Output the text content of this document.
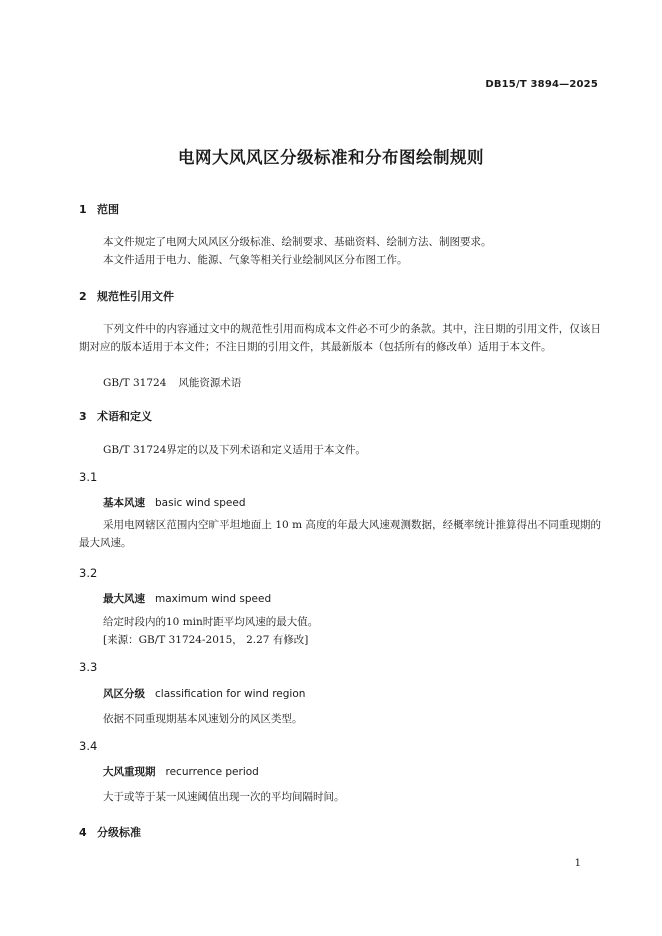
DB15/T 3894—2025
电网大风风区分级标准和分布图绘制规则
1 范围
本文件规定了电网大风风区分级标准、绘制要求、基础资料、绘制方法、制图要求。
本文件适用于电力、能源、气象等相关行业绘制风区分布图工作。
2 规范性引用文件
下列文件中的内容通过文中的规范性引用而构成本文件必不可少的条款。其中，注日期的引用文件，仅该日期对应的版本适用于本文件；不注日期的引用文件，其最新版本（包括所有的修改单）适用于本文件。
GB/T 31724 风能资源术语
3 术语和定义
GB/T 31724界定的以及下列术语和定义适用于本文件。
3.1
基本风速 basic wind speed
采用电网辖区范围内空旷平坦地面上 10 m 高度的年最大风速观测数据，经概率统计推算得出不同重现期的最大风速。
3.2
最大风速 maximum wind speed
给定时段内的10 min时距平均风速的最大值。
[来源：GB/T 31724-2015， 2.27 有修改]
3.3
风区分级 classification for wind region
依据不同重现期基本风速划分的风区类型。
3.4
大风重现期 recurrence period
大于或等于某一风速阈值出现一次的平均间隔时间。
4 分级标准
1
